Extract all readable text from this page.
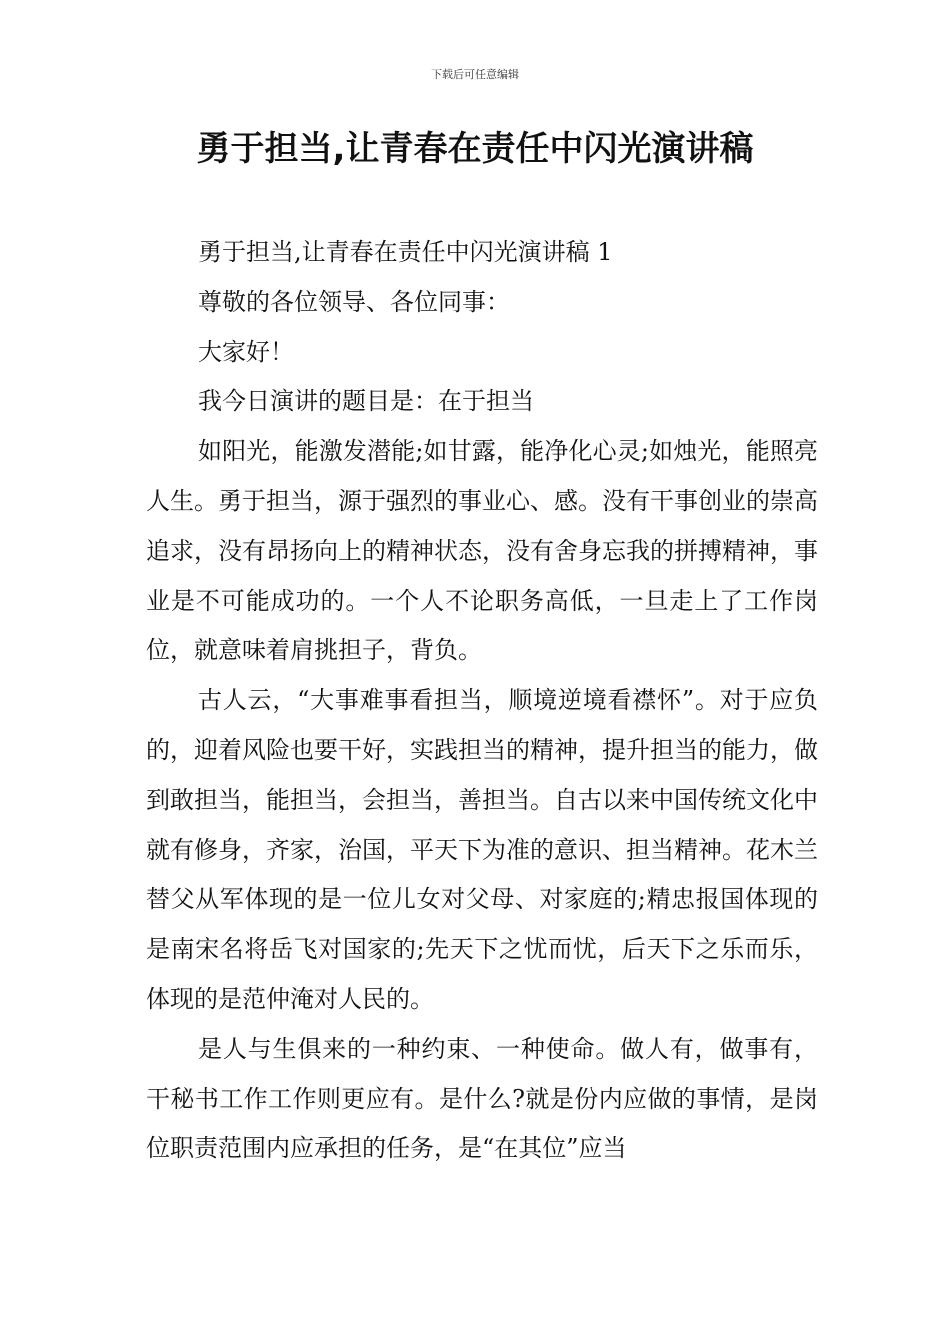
下载后可任意编辑
勇于担当,让青春在责任中闪光演讲稿

勇于担当,让青春在责任中闪光演讲稿 1

尊敬的各位领导、各位同事：

大家好！

我今日演讲的题目是：在于担当

如阳光，能激发潜能;如甘露，能净化心灵;如烛光，能照亮人生。勇于担当，源于强烈的事业心、感。没有干事创业的崇高追求，没有昂扬向上的精神状态，没有舍身忘我的拼搏精神，事业是不可能成功的。一个人不论职务高低，一旦走上了工作岗位，就意味着肩挑担子，背负。

古人云，“大事难事看担当，顺境逆境看襟怀”。对于应负的，迎着风险也要干好，实践担当的精神，提升担当的能力，做到敢担当，能担当，会担当，善担当。自古以来中国传统文化中就有修身，齐家，治国，平天下为准的意识、担当精神。花木兰替父从军体现的是一位儿女对父母、对家庭的;精忠报国体现的是南宋名将岳飞对国家的;先天下之忧而忧，后天下之乐而乐，体现的是范仲淹对人民的。

是人与生俱来的一种约束、一种使命。做人有，做事有，干秘书工作工作则更应有。是什么?就是份内应做的事情，是岗位职责范围内应承担的任务，是“在其位”应当
